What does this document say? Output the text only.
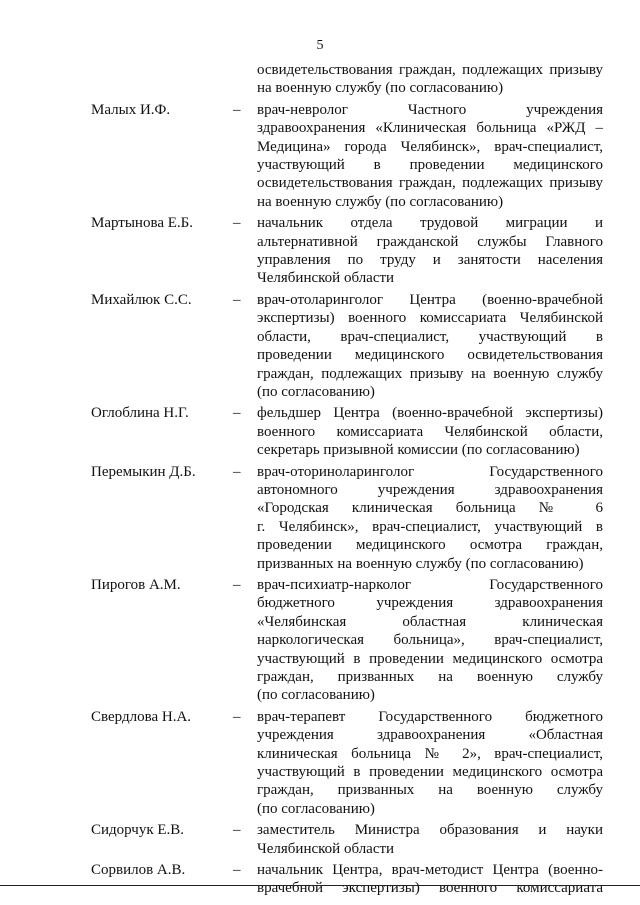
5
освидетельствования граждан, подлежащих призыву
на военную службу (по согласованию)
Малых И.Ф.	– врач-невролог Частного учреждения
здравоохранения «Клиническая больница «РЖД –
Медицина» города Челябинск», врач-специалист,
участвующий в проведении медицинского
освидетельствования граждан, подлежащих призыву
на военную службу (по согласованию)
Мартынова Е.Б.	– начальник отдела трудовой миграции и
альтернативной гражданской службы Главного
управления по труду и занятости населения
Челябинской области
Михайлюк С.С.	– врач-отоларинголог Центра (военно-врачебной
экспертизы) военного комиссариата Челябинской
области, врач-специалист, участвующий в
проведении медицинского освидетельствования
граждан, подлежащих призыву на военную службу
(по согласованию)
Оглоблина Н.Г.	– фельдшер Центра (военно-врачебной экспертизы)
военного комиссариата Челябинской области,
секретарь призывной комиссии (по согласованию)
Перемыкин Д.Б. – врач-оториноларинголог Государственного
автономного учреждения здравоохранения
«Городская клиническая больница № 6
г. Челябинск», врач-специалист, участвующий в
проведении медицинского осмотра граждан,
призванных на военную службу (по согласованию)
Пирогов А.М.	– врач-психиатр-нарколог Государственного
бюджетного учреждения здравоохранения
«Челябинская областная клиническая
наркологическая больница», врач-специалист,
участвующий в проведении медицинского осмотра
граждан, призванных на военную службу
(по согласованию)
Свердлова Н.А.	– врач-терапевт Государственного бюджетного
учреждения здравоохранения «Областная
клиническая больница № 2», врач-специалист,
участвующий в проведении медицинского осмотра
граждан, призванных на военную службу
(по согласованию)
Сидорчук Е.В.	– заместитель Министра образования и науки
Челябинской области
Сорвилов А.В.	– начальник Центра, врач-методист Центра (военно-
врачебной экспертизы) военного комиссариата
